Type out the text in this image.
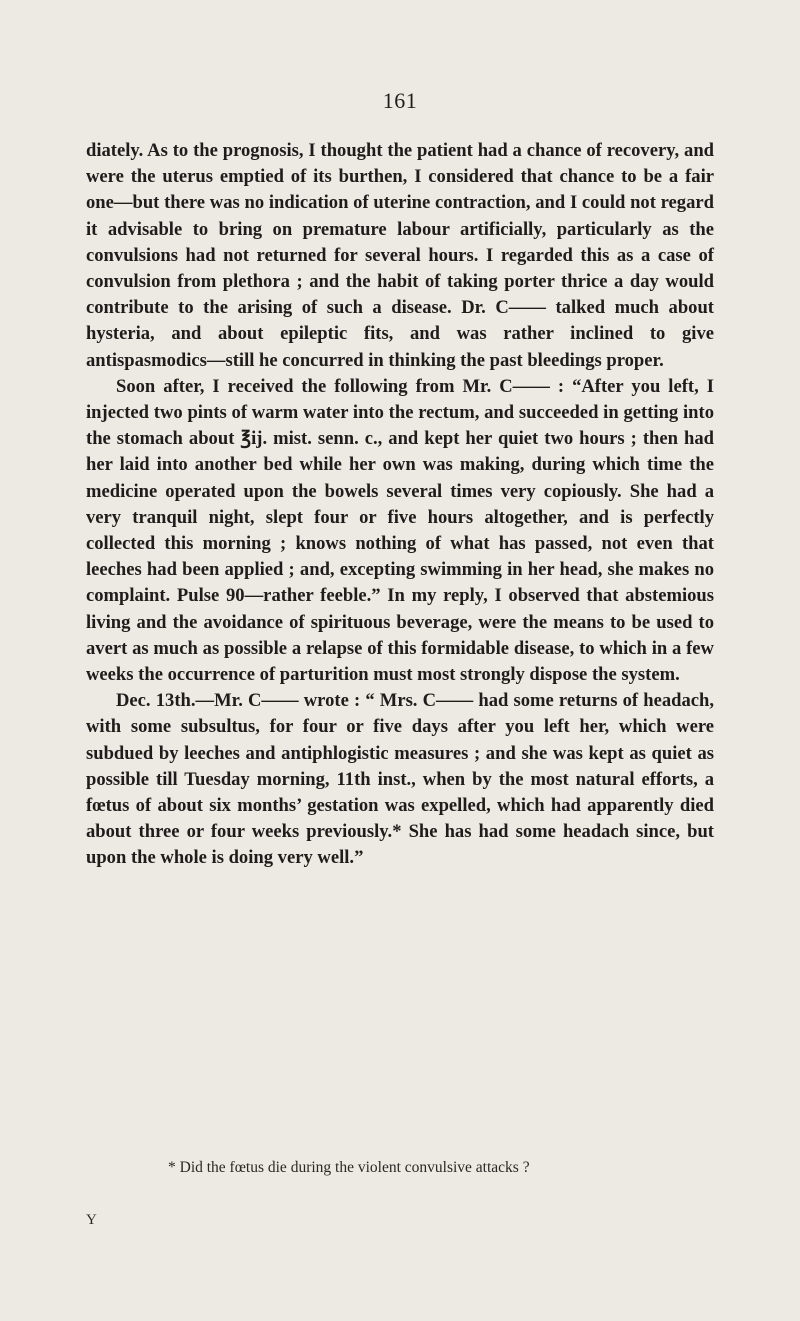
161

diately. As to the prognosis, I thought the patient had a chance of recovery, and were the uterus emptied of its burthen, I considered that chance to be a fair one—but there was no indication of uterine contraction, and I could not regard it advisable to bring on premature labour artificially, particularly as the convulsions had not returned for several hours. I regarded this as a case of convulsion from plethora ; and the habit of taking porter thrice a day would contribute to the arising of such a disease. Dr. C—— talked much about hysteria, and about epileptic fits, and was rather inclined to give antispasmodics—still he concurred in thinking the past bleedings proper.

Soon after, I received the following from Mr. C—— : “After you left, I injected two pints of warm water into the rectum, and succeeded in getting into the stomach about ℥ij. mist. senn. c., and kept her quiet two hours ; then had her laid into another bed while her own was making, during which time the medicine operated upon the bowels several times very copiously. She had a very tranquil night, slept four or five hours altogether, and is perfectly collected this morning ; knows nothing of what has passed, not even that leeches had been applied ; and, excepting swimming in her head, she makes no complaint. Pulse 90—rather feeble.” In my reply, I observed that abstemious living and the avoidance of spirituous beverage, were the means to be used to avert as much as possible a relapse of this formidable disease, to which in a few weeks the occurrence of parturition must most strongly dispose the system.

Dec. 13th.—Mr. C—— wrote : “ Mrs. C—— had some returns of headach, with some subsultus, for four or five days after you left her, which were subdued by leeches and antiphlogistic measures ; and she was kept as quiet as possible till Tuesday morning, 11th inst., when by the most natural efforts, a fœtus of about six months’ gestation was expelled, which had apparently died about three or four weeks previously.* She has had some headach since, but upon the whole is doing very well.”

* Did the fœtus die during the violent convulsive attacks ?
Y
